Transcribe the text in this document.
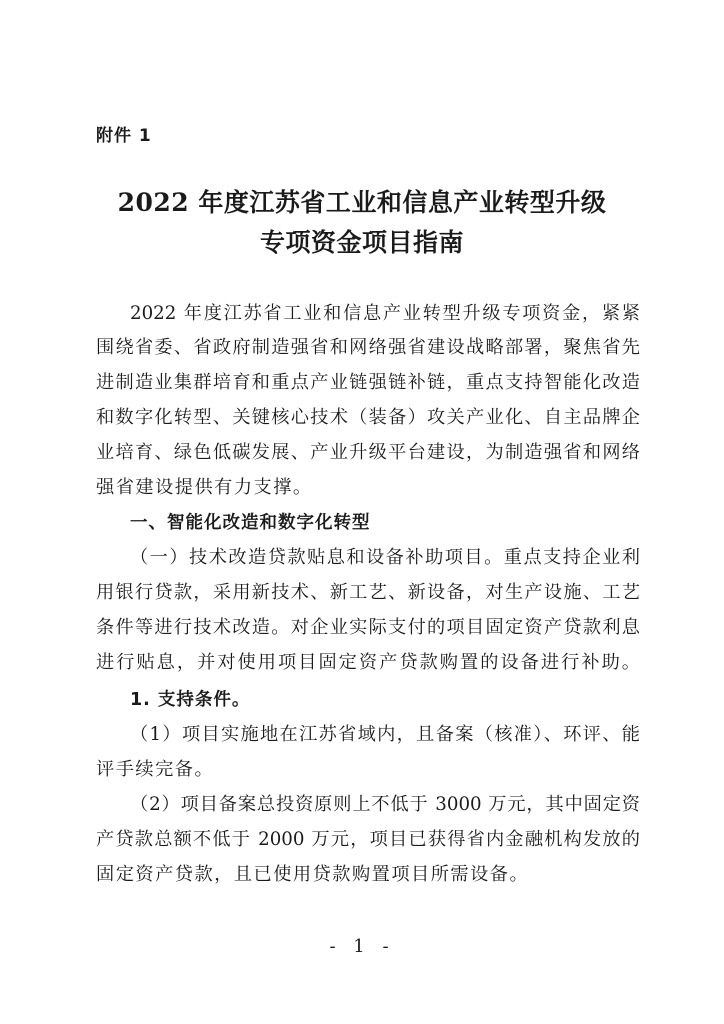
附件 1
2022 年度江苏省工业和信息产业转型升级
专项资金项目指南
2022 年度江苏省工业和信息产业转型升级专项资金，紧紧
围绕省委、省政府制造强省和网络强省建设战略部署，聚焦省先
进制造业集群培育和重点产业链强链补链，重点支持智能化改造
和数字化转型、关键核心技术（装备）攻关产业化、自主品牌企
业培育、绿色低碳发展、产业升级平台建设，为制造强省和网络
强省建设提供有力支撑。
一、智能化改造和数字化转型
（一）技术改造贷款贴息和设备补助项目。重点支持企业利
用银行贷款，采用新技术、新工艺、新设备，对生产设施、工艺
条件等进行技术改造。对企业实际支付的项目固定资产贷款利息
进行贴息，并对使用项目固定资产贷款购置的设备进行补助。
1. 支持条件。
（1）项目实施地在江苏省域内，且备案（核准）、环评、能
评手续完备。
（2）项目备案总投资原则上不低于 3000 万元，其中固定资
产贷款总额不低于 2000 万元，项目已获得省内金融机构发放的
固定资产贷款，且已使用贷款购置项目所需设备。
- 1 -
